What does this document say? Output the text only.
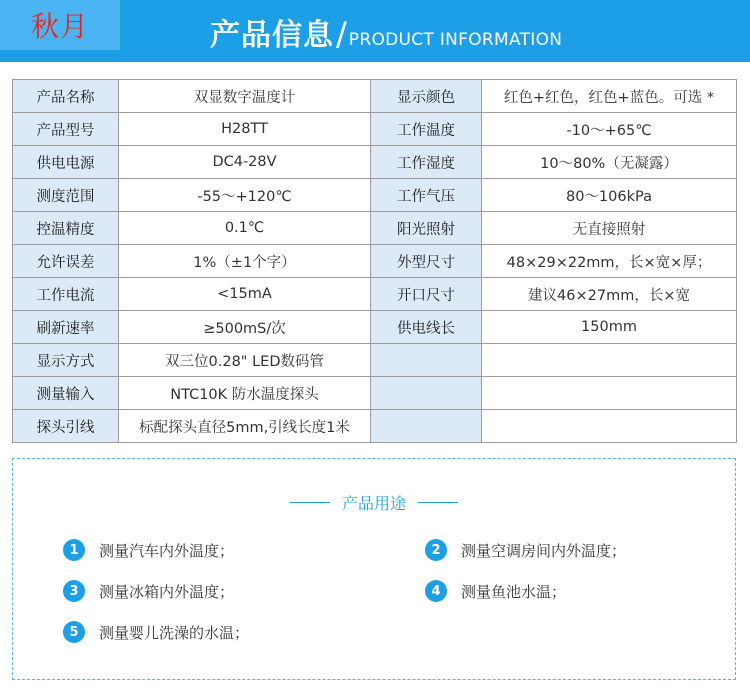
秋月	产品信息 / PRODUCT INFORMATION
产品名称	双显数字温度计	显示颜色	红色+红色，红色+蓝色。可选 *
产品型号	H28TT	工作温度	-10～+65℃
供电电源	DC4-28V	工作湿度	10～80%（无凝露）
测度范围	-55～+120℃	工作气压	80～106kPa
控温精度	0.1℃	阳光照射	无直接照射
允许误差	1%（±1个字）	外型尺寸	48×29×22mm，长×宽×厚；
工作电流	<15mA	开口尺寸	建议46×27mm，长×宽
刷新速率	≥500mS/次	供电线长	150mm
显示方式	双三位0.28" LED数码管		
测量输入	NTC10K 防水温度探头		
探头引线	标配探头直径5mm,引线长度1米		
产品用途
1	测量汽车内外温度；	2	测量空调房间内外温度；
3	测量冰箱内外温度；	4	测量鱼池水温；
5	测量婴儿洗澡的水温；
